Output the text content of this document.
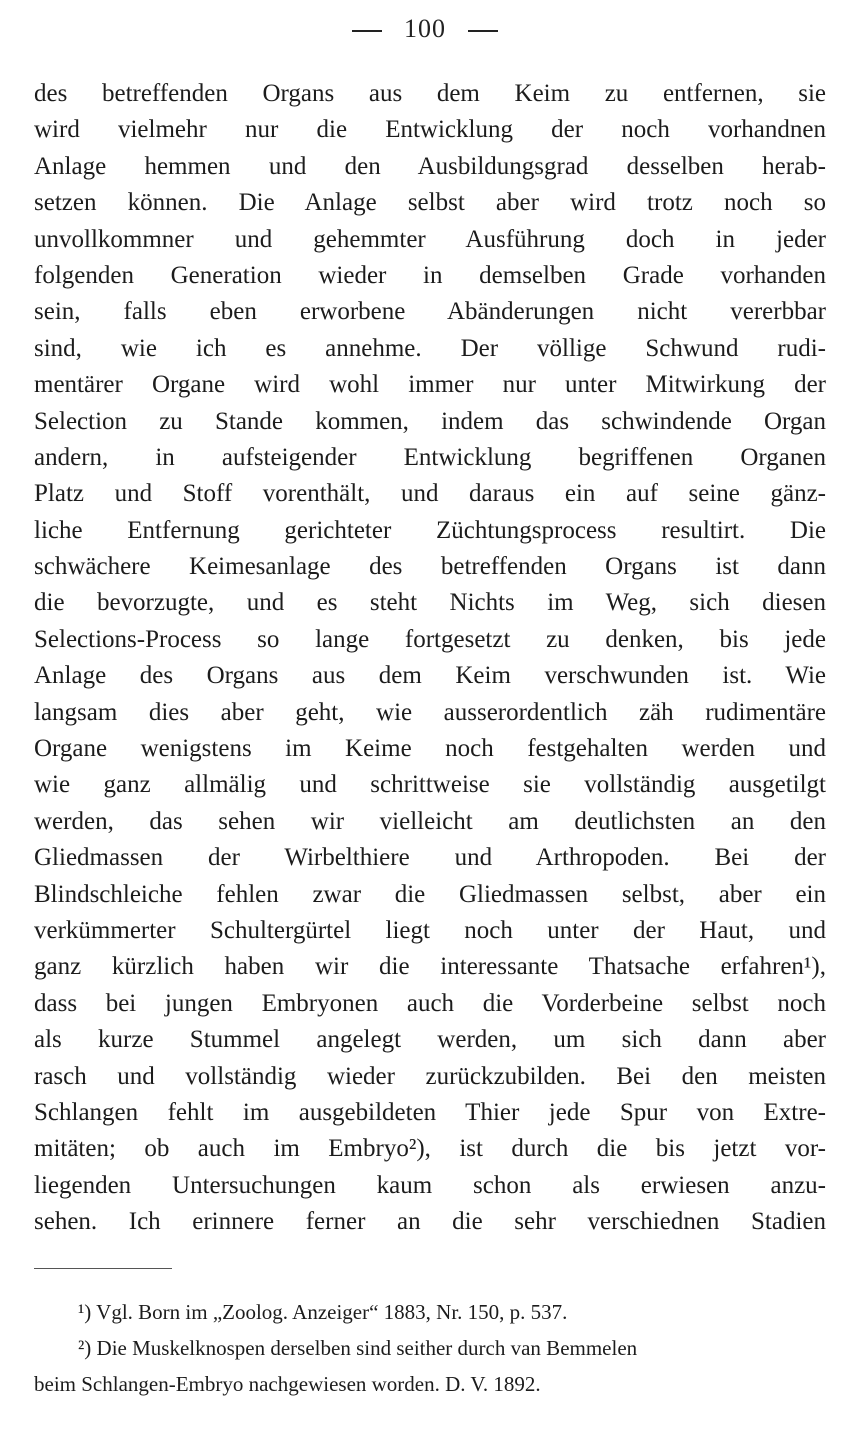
100
des betreffenden Organs aus dem Keim zu entfernen, sie
wird vielmehr nur die Entwicklung der noch vorhandnen
Anlage hemmen und den Ausbildungsgrad desselben herab-
setzen können. Die Anlage selbst aber wird trotz noch so
unvollkommner und gehemmter Ausführung doch in jeder
folgenden Generation wieder in demselben Grade vorhanden
sein, falls eben erworbene Abänderungen nicht vererbbar
sind, wie ich es annehme. Der völlige Schwund rudi-
mentärer Organe wird wohl immer nur unter Mitwirkung der
Selection zu Stande kommen, indem das schwindende Organ
andern, in aufsteigender Entwicklung begriffenen Organen
Platz und Stoff vorenthält, und daraus ein auf seine gänz-
liche Entfernung gerichteter Züchtungsprocess resultirt. Die
schwächere Keimesanlage des betreffenden Organs ist dann
die bevorzugte, und es steht Nichts im Weg, sich diesen
Selections-Process so lange fortgesetzt zu denken, bis jede
Anlage des Organs aus dem Keim verschwunden ist. Wie
langsam dies aber geht, wie ausserordentlich zäh rudimentäre
Organe wenigstens im Keime noch festgehalten werden und
wie ganz allmälig und schrittweise sie vollständig ausgetilgt
werden, das sehen wir vielleicht am deutlichsten an den
Gliedmassen der Wirbelthiere und Arthropoden. Bei der
Blindschleiche fehlen zwar die Gliedmassen selbst, aber ein
verkümmerter Schultergürtel liegt noch unter der Haut, und
ganz kürzlich haben wir die interessante Thatsache erfahren¹),
dass bei jungen Embryonen auch die Vorderbeine selbst noch
als kurze Stummel angelegt werden, um sich dann aber
rasch und vollständig wieder zurückzubilden. Bei den meisten
Schlangen fehlt im ausgebildeten Thier jede Spur von Extre-
mitäten; ob auch im Embryo²), ist durch die bis jetzt vor-
liegenden Untersuchungen kaum schon als erwiesen anzu-
sehen. Ich erinnere ferner an die sehr verschiednen Stadien
¹) Vgl. Born im „Zoolog. Anzeiger“ 1883, Nr. 150, p. 537.
²) Die Muskelknospen derselben sind seither durch van Bemmelen
beim Schlangen-Embryo nachgewiesen worden. D. V. 1892.
